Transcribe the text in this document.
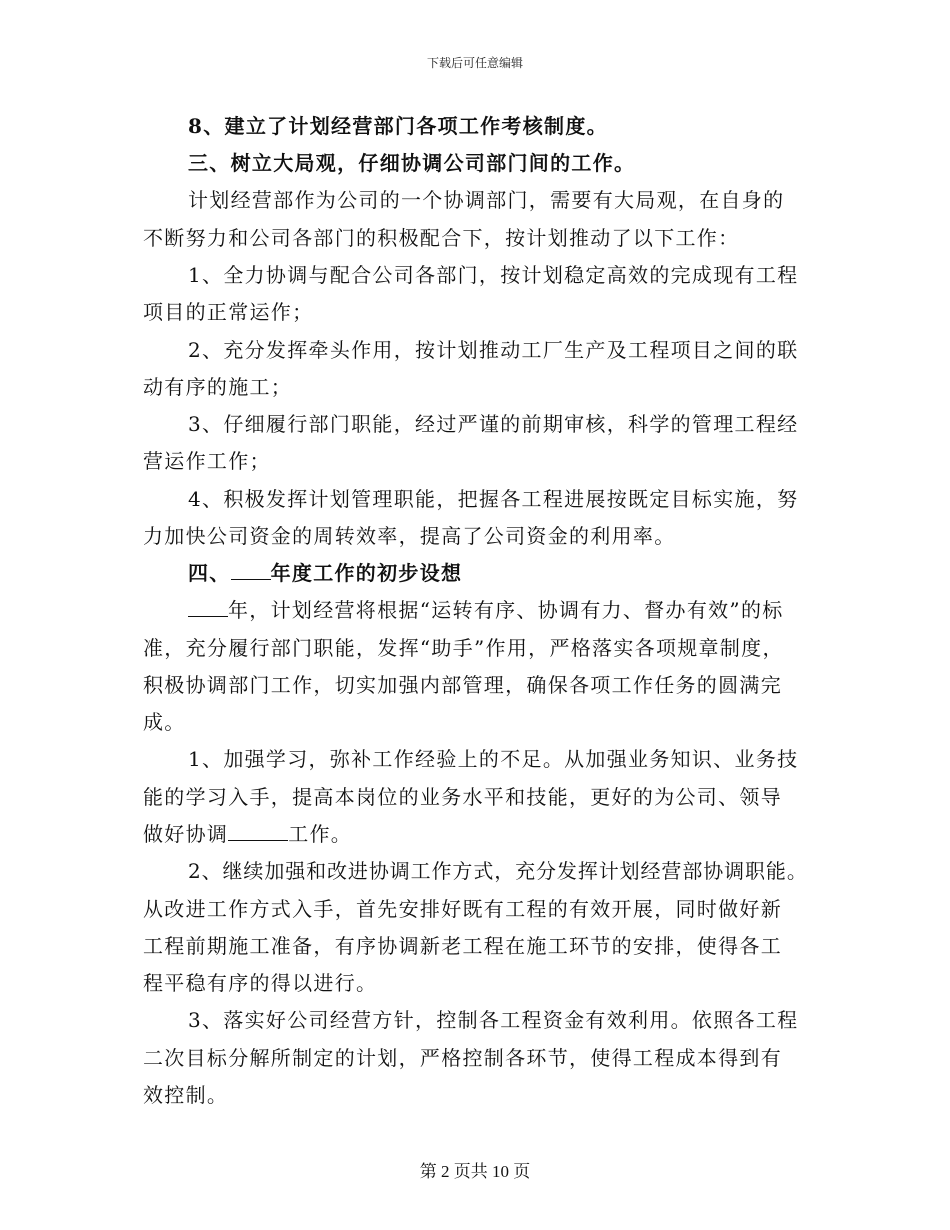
下载后可任意编辑
8、建立了计划经营部门各项工作考核制度。
三、树立大局观，仔细协调公司部门间的工作。
计划经营部作为公司的一个协调部门，需要有大局观，在自身的
不断努力和公司各部门的积极配合下，按计划推动了以下工作：
1、全力协调与配合公司各部门，按计划稳定高效的完成现有工程
项目的正常运作；
2、充分发挥牵头作用，按计划推动工厂生产及工程项目之间的联
动有序的施工；
3、仔细履行部门职能，经过严谨的前期审核，科学的管理工程经
营运作工作；
4、积极发挥计划管理职能，把握各工程进展按既定目标实施，努
力加快公司资金的周转效率，提高了公司资金的利用率。
四、 年度工作的初步设想
年，计划经营将根据“运转有序、协调有力、督办有效”的标
准，充分履行部门职能，发挥“助手”作用，严格落实各项规章制度，
积极协调部门工作，切实加强内部管理，确保各项工作任务的圆满完
成。
1、加强学习，弥补工作经验上的不足。从加强业务知识、业务技
能的学习入手，提高本岗位的业务水平和技能，更好的为公司、领导
做好协调	工作。
2、继续加强和改进协调工作方式，充分发挥计划经营部协调职能。
从改进工作方式入手，首先安排好既有工程的有效开展，同时做好新
工程前期施工准备，有序协调新老工程在施工环节的安排，使得各工
程平稳有序的得以进行。
3、落实好公司经营方针，控制各工程资金有效利用。依照各工程
二次目标分解所制定的计划，严格控制各环节，使得工程成本得到有
效控制。
第 2 页共 10 页
